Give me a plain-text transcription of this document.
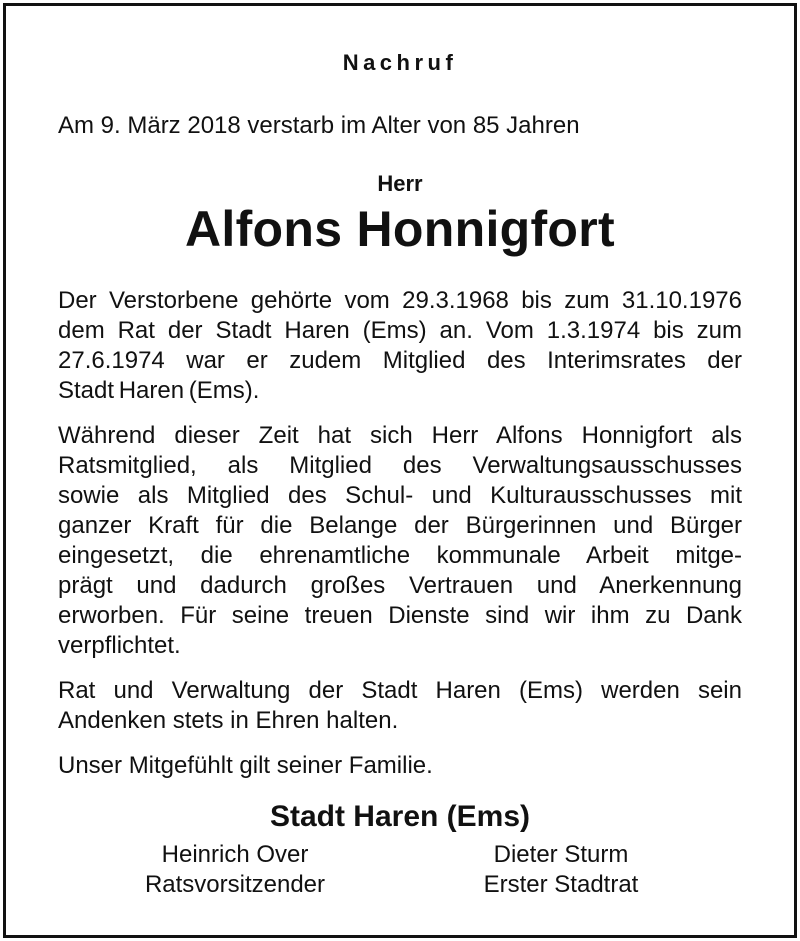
Nachruf
Am 9. März 2018 verstarb im Alter von 85 Jahren
Herr
Alfons Honnigfort
Der Verstorbene gehörte vom 29.3.1968 bis zum 31.10.1976
dem Rat der Stadt Haren (Ems) an. Vom 1.3.1974 bis zum
27.6.1974 war er zudem Mitglied des Interimsrates der
Stadt Haren (Ems).
Während dieser Zeit hat sich Herr Alfons Honnigfort als
Ratsmitglied, als Mitglied des Verwaltungsausschusses
sowie als Mitglied des Schul- und Kulturausschusses mit
ganzer Kraft für die Belange der Bürgerinnen und Bürger
eingesetzt, die ehrenamtliche kommunale Arbeit mitge-
prägt und dadurch großes Vertrauen und Anerkennung
erworben. Für seine treuen Dienste sind wir ihm zu Dank
verpflichtet.
Rat und Verwaltung der Stadt Haren (Ems) werden sein
Andenken stets in Ehren halten.
Unser Mitgefühlt gilt seiner Familie.
Stadt Haren (Ems)
Heinrich Over
Ratsvorsitzender
Dieter Sturm
Erster Stadtrat
